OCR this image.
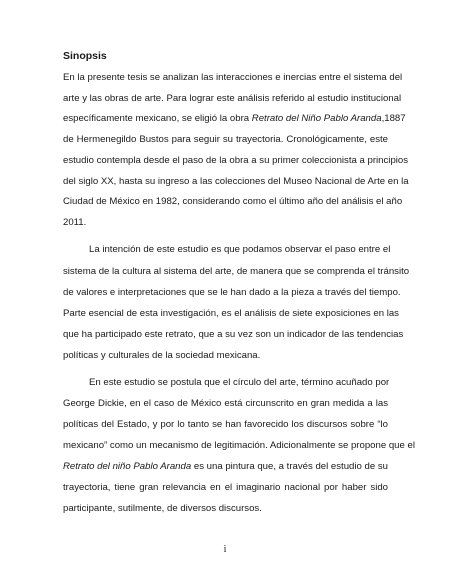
Sinopsis

En la presente tesis se analizan las interacciones e inercias entre el sistema del

arte y las obras de arte. Para lograr este análisis referido al estudio institucional

específicamente mexicano, se eligió la obra Retrato del Niño Pablo Aranda,1887

de Hermenegildo Bustos para seguir su trayectoria. Cronológicamente, este

estudio contempla desde el paso de la obra a su primer coleccionista a principios

del siglo XX, hasta su ingreso a las colecciones del Museo Nacional de Arte en la

Ciudad de México en 1982, considerando como el último año del análisis el año

2011.

La intención de este estudio es que podamos observar el paso entre el

sistema de la cultura al sistema del arte, de manera que se comprenda el tránsito

de valores e interpretaciones que se le han dado a la pieza a través del tiempo.

Parte esencial de esta investigación, es el análisis de siete exposiciones en las

que ha participado este retrato, que a su vez son un indicador de las tendencias

políticas y culturales de la sociedad mexicana.

En este estudio se postula que el círculo del arte, término acuñado por

George Dickie, en el caso de México está circunscrito en gran medida a las

políticas del Estado, y por lo tanto se han favorecido los discursos sobre “lo

mexicano” como un mecanismo de legitimación. Adicionalmente se propone que el

Retrato del niño Pablo Aranda es una pintura que, a través del estudio de su

trayectoria, tiene gran relevancia en el imaginario nacional por haber sido

participante, sutilmente, de diversos discursos.

i
